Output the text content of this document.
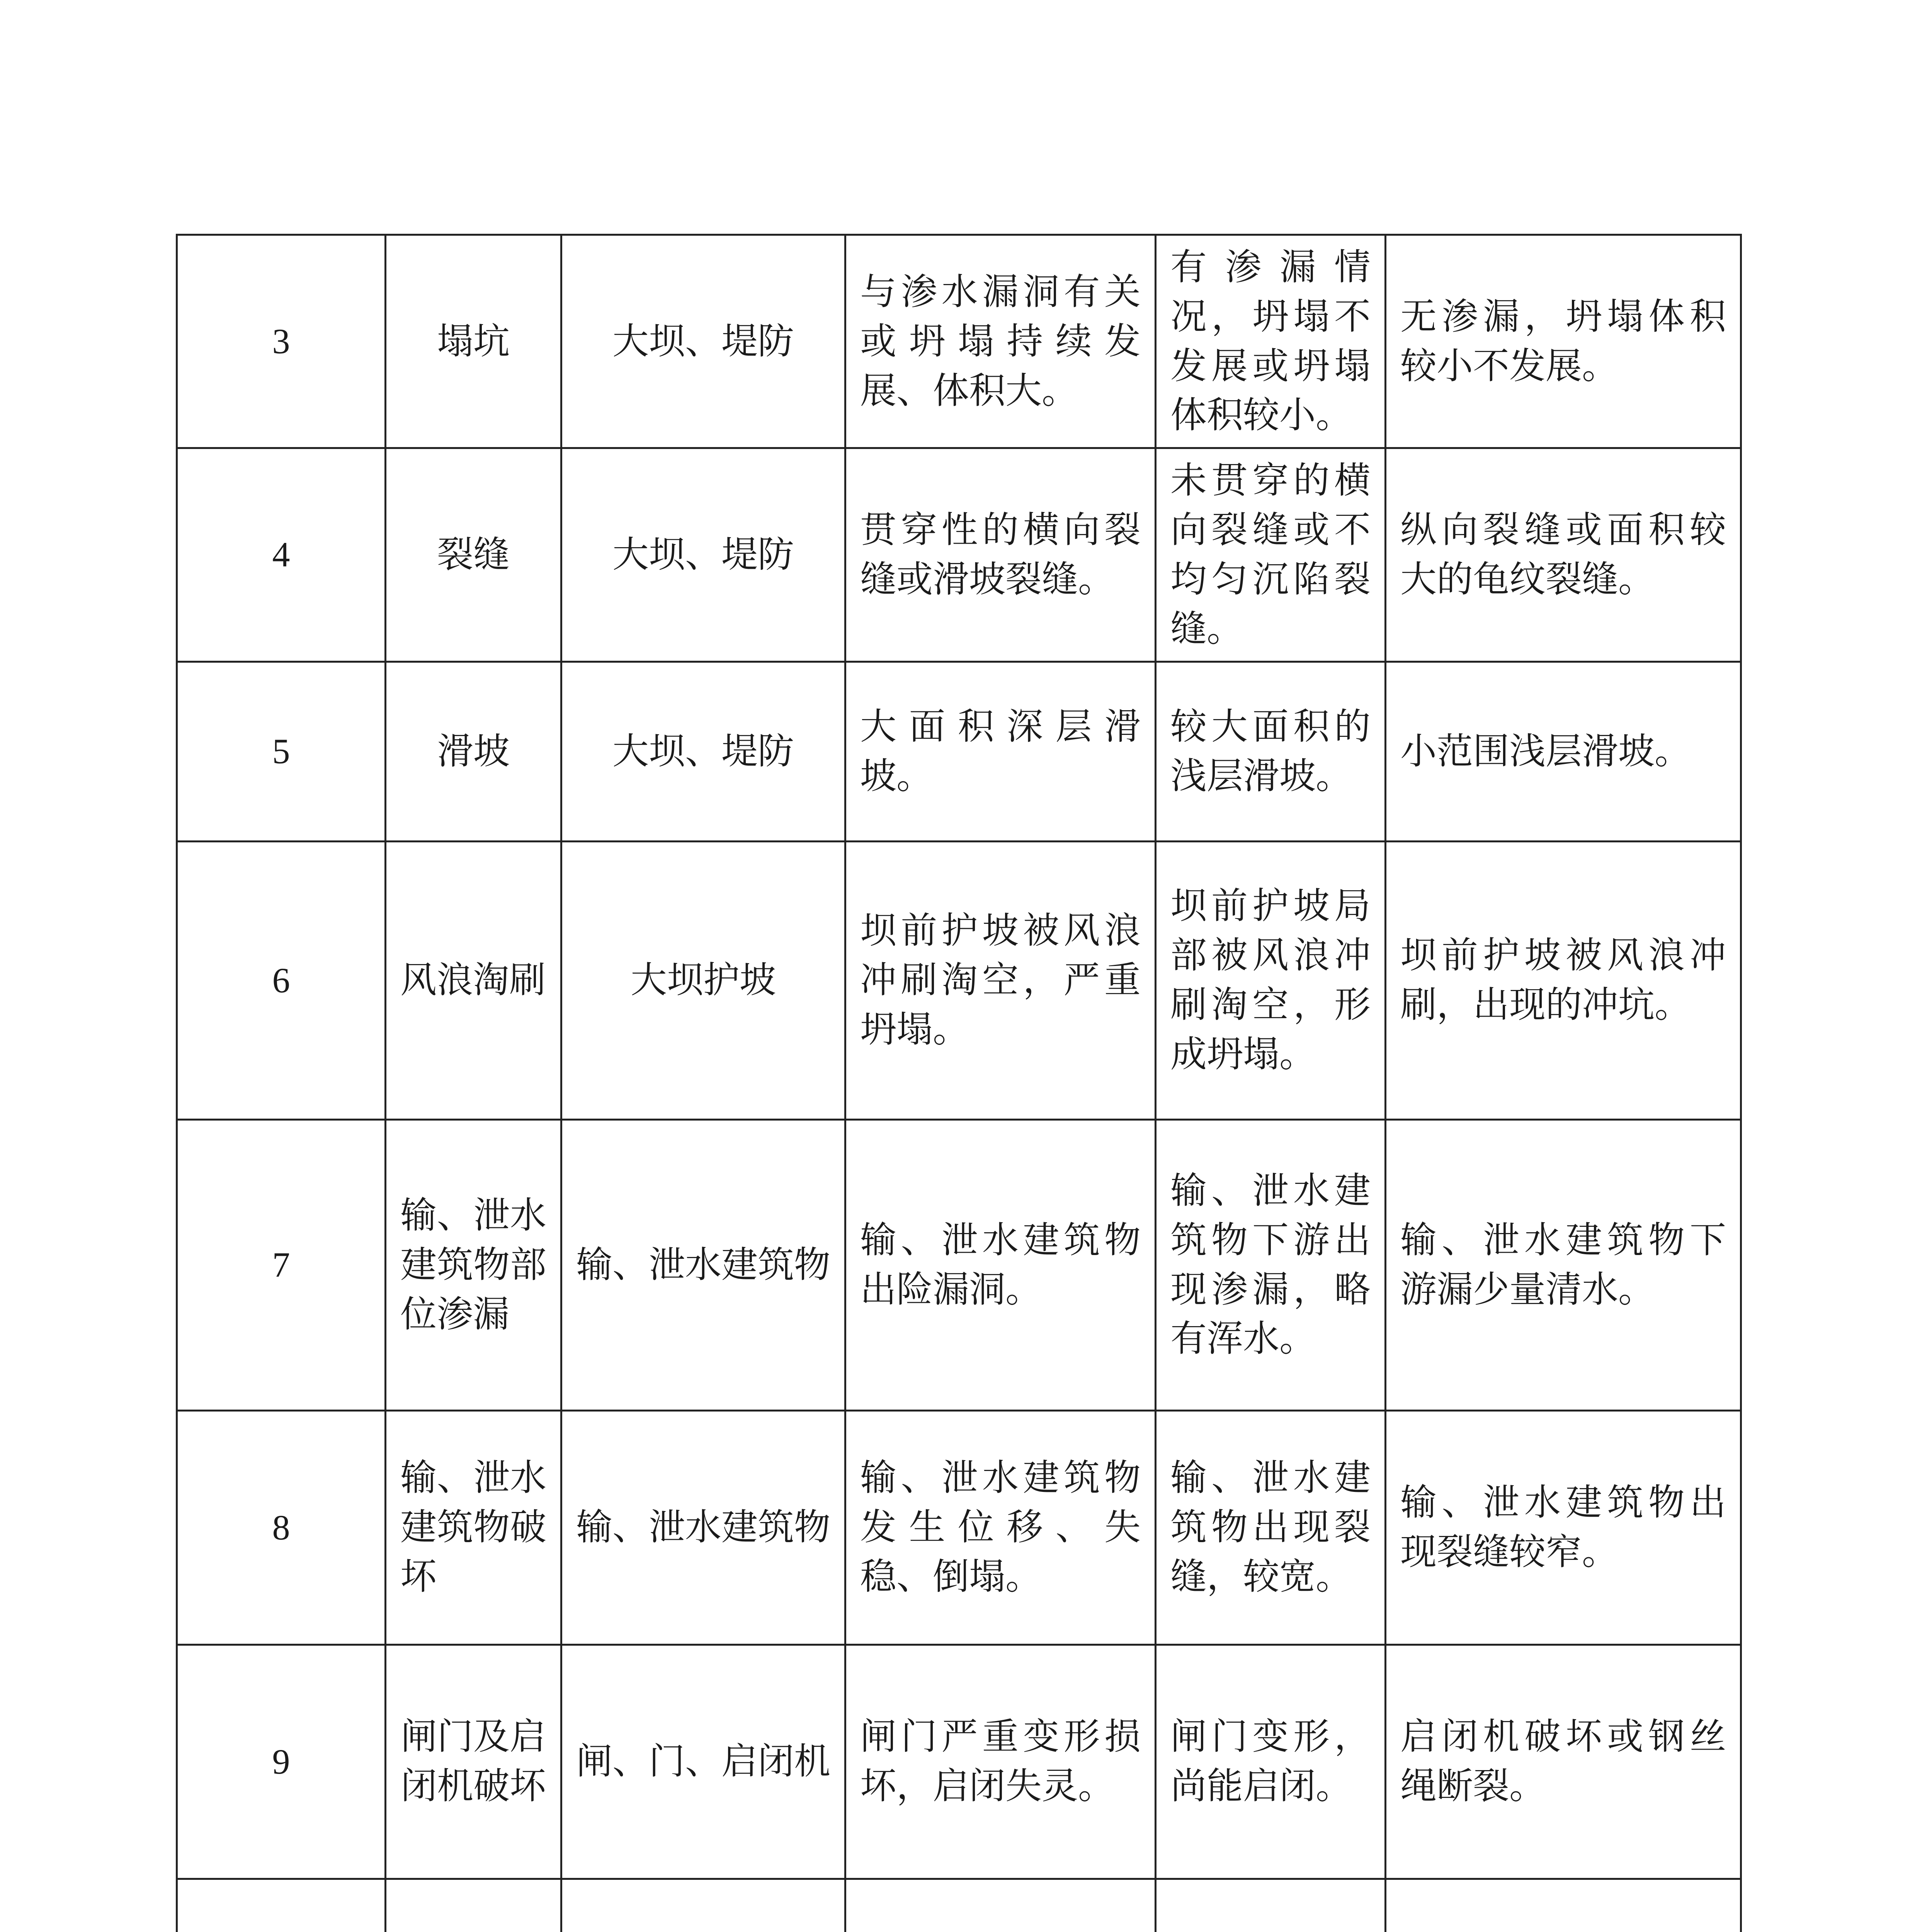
3	塌坑	大坝、堤防	与渗水漏洞有关或坍塌持续发展、体积大。	有渗漏情况，坍塌不发展或坍塌体积较小。	无渗漏，坍塌体积较小不发展。
4	裂缝	大坝、堤防	贯穿性的横向裂缝或滑坡裂缝。	未贯穿的横向裂缝或不均匀沉陷裂缝。	纵向裂缝或面积较大的龟纹裂缝。
5	滑坡	大坝、堤防	大面积深层滑坡。	较大面积的浅层滑坡。	小范围浅层滑坡。
6	风浪淘刷	大坝护坡	坝前护坡被风浪冲刷淘空，严重坍塌。	坝前护坡局部被风浪冲刷淘空，形成坍塌。	坝前护坡被风浪冲刷，出现的冲坑。
7	输、泄水建筑物部位渗漏	输、泄水建筑物	输、泄水建筑物出险漏洞。	输、泄水建筑物下游出现渗漏，略有浑水。	输、泄水建筑物下游漏少量清水。
8	输、泄水建筑物破坏	输、泄水建筑物	输、泄水建筑物发生位移、失稳、倒塌。	输、泄水建筑物出现裂缝，较宽。	输、泄水建筑物出现裂缝较窄。
9	闸门及启闭机破坏	闸、门、启闭机	闸门严重变形损坏，启闭失灵。	闸门变形，尚能启闭。	启闭机破坏或钢丝绳断裂。
